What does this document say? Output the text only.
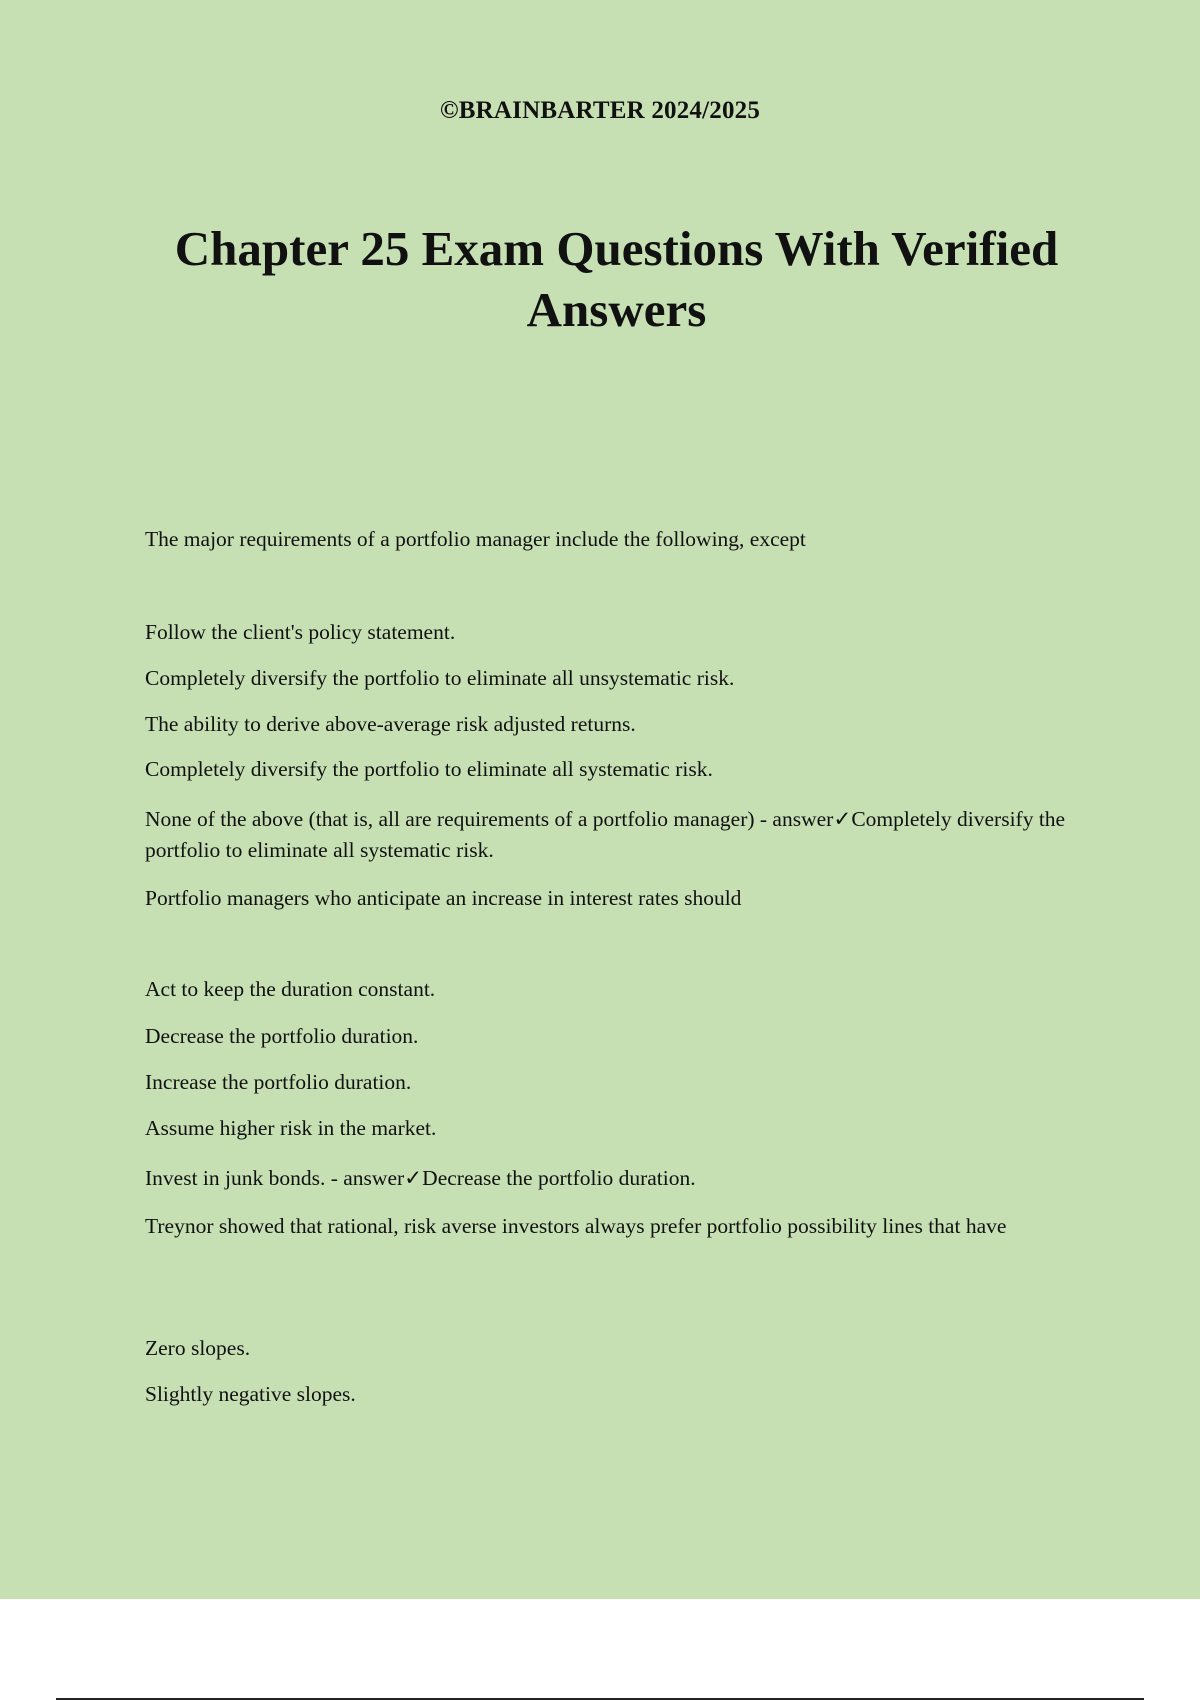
©BRAINBARTER 2024/2025
Chapter 25 Exam Questions With Verified Answers

The major requirements of a portfolio manager include the following, except

Follow the client's policy statement.

Completely diversify the portfolio to eliminate all unsystematic risk.

The ability to derive above-average risk adjusted returns.

Completely diversify the portfolio to eliminate all systematic risk.

None of the above (that is, all are requirements of a portfolio manager) - answer✓Completely diversify the portfolio to eliminate all systematic risk.

Portfolio managers who anticipate an increase in interest rates should

Act to keep the duration constant.

Decrease the portfolio duration.

Increase the portfolio duration.

Assume higher risk in the market.

Invest in junk bonds. - answer✓Decrease the portfolio duration.

Treynor showed that rational, risk averse investors always prefer portfolio possibility lines that have

Zero slopes.

Slightly negative slopes.
